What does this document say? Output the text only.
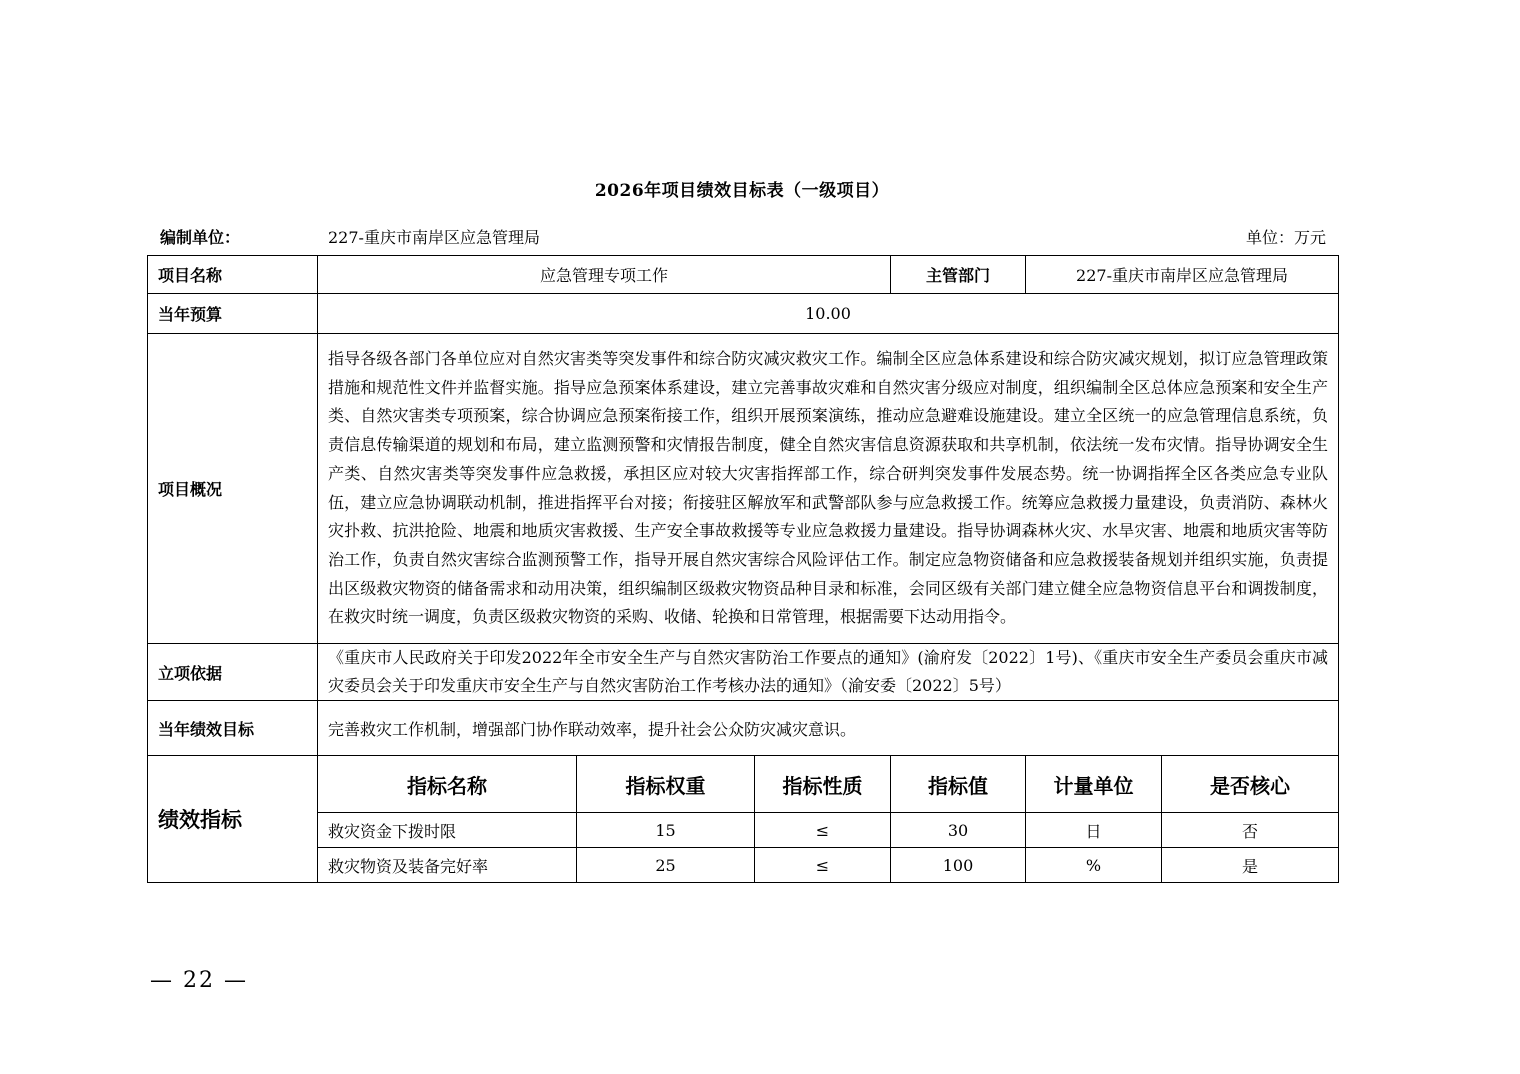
2026年项目绩效目标表（一级项目）
编制单位：	227-重庆市南岸区应急管理局	单位：万元
项目名称	应急管理专项工作			主管部门	227-重庆市南岸区应急管理局	
当年预算	10.00					
项目概况	指导各级各部门各单位应对自然灾害类等突发事件和综合防灾减灾救灾工作。编制全区应急体系建设和综合防灾减灾规划，拟订应急管理政策措施和规范性文件并监督实施。指导应急预案体系建设，建立完善事故灾难和自然灾害分级应对制度，组织编制全区总体应急预案和安全生产类、自然灾害类专项预案，综合协调应急预案衔接工作，组织开展预案演练，推动应急避难设施建设。建立全区统一的应急管理信息系统，负责信息传输渠道的规划和布局，建立监测预警和灾情报告制度，健全自然灾害信息资源获取和共享机制，依法统一发布灾情。指导协调安全生产类、自然灾害类等突发事件应急救援，承担区应对较大灾害指挥部工作，综合研判突发事件发展态势。统一协调指挥全区各类应急专业队伍，建立应急协调联动机制，推进指挥平台对接；衔接驻区解放军和武警部队参与应急救援工作。统筹应急救援力量建设，负责消防、森林火灾扑救、抗洪抢险、地震和地质灾害救援、生产安全事故救援等专业应急救援力量建设。指导协调森林火灾、水旱灾害、地震和地质灾害等防治工作，负责自然灾害综合监测预警工作，指导开展自然灾害综合风险评估工作。制定应急物资储备和应急救援装备规划并组织实施，负责提出区级救灾物资的储备需求和动用决策，组织编制区级救灾物资品种目录和标准，会同区级有关部门建立健全应急物资信息平台和调拨制度，在救灾时统一调度，负责区级救灾物资的采购、收储、轮换和日常管理，根据需要下达动用指令。					
立项依据	《重庆市人民政府关于印发2022年全市安全生产与自然灾害防治工作要点的通知》(渝府发〔2022〕1号)、《重庆市安全生产委员会重庆市减灾委员会关于印发重庆市安全生产与自然灾害防治工作考核办法的通知》（渝安委〔2022〕5号）					
当年绩效目标	完善救灾工作机制，增强部门协作联动效率，提升社会公众防灾减灾意识。					
绩效指标	指标名称	指标权重	指标性质	指标值	计量单位	是否核心
	救灾资金下拨时限	15	≤	30	日	否
	救灾物资及装备完好率	25	≤	100	%	是
— 22 —
